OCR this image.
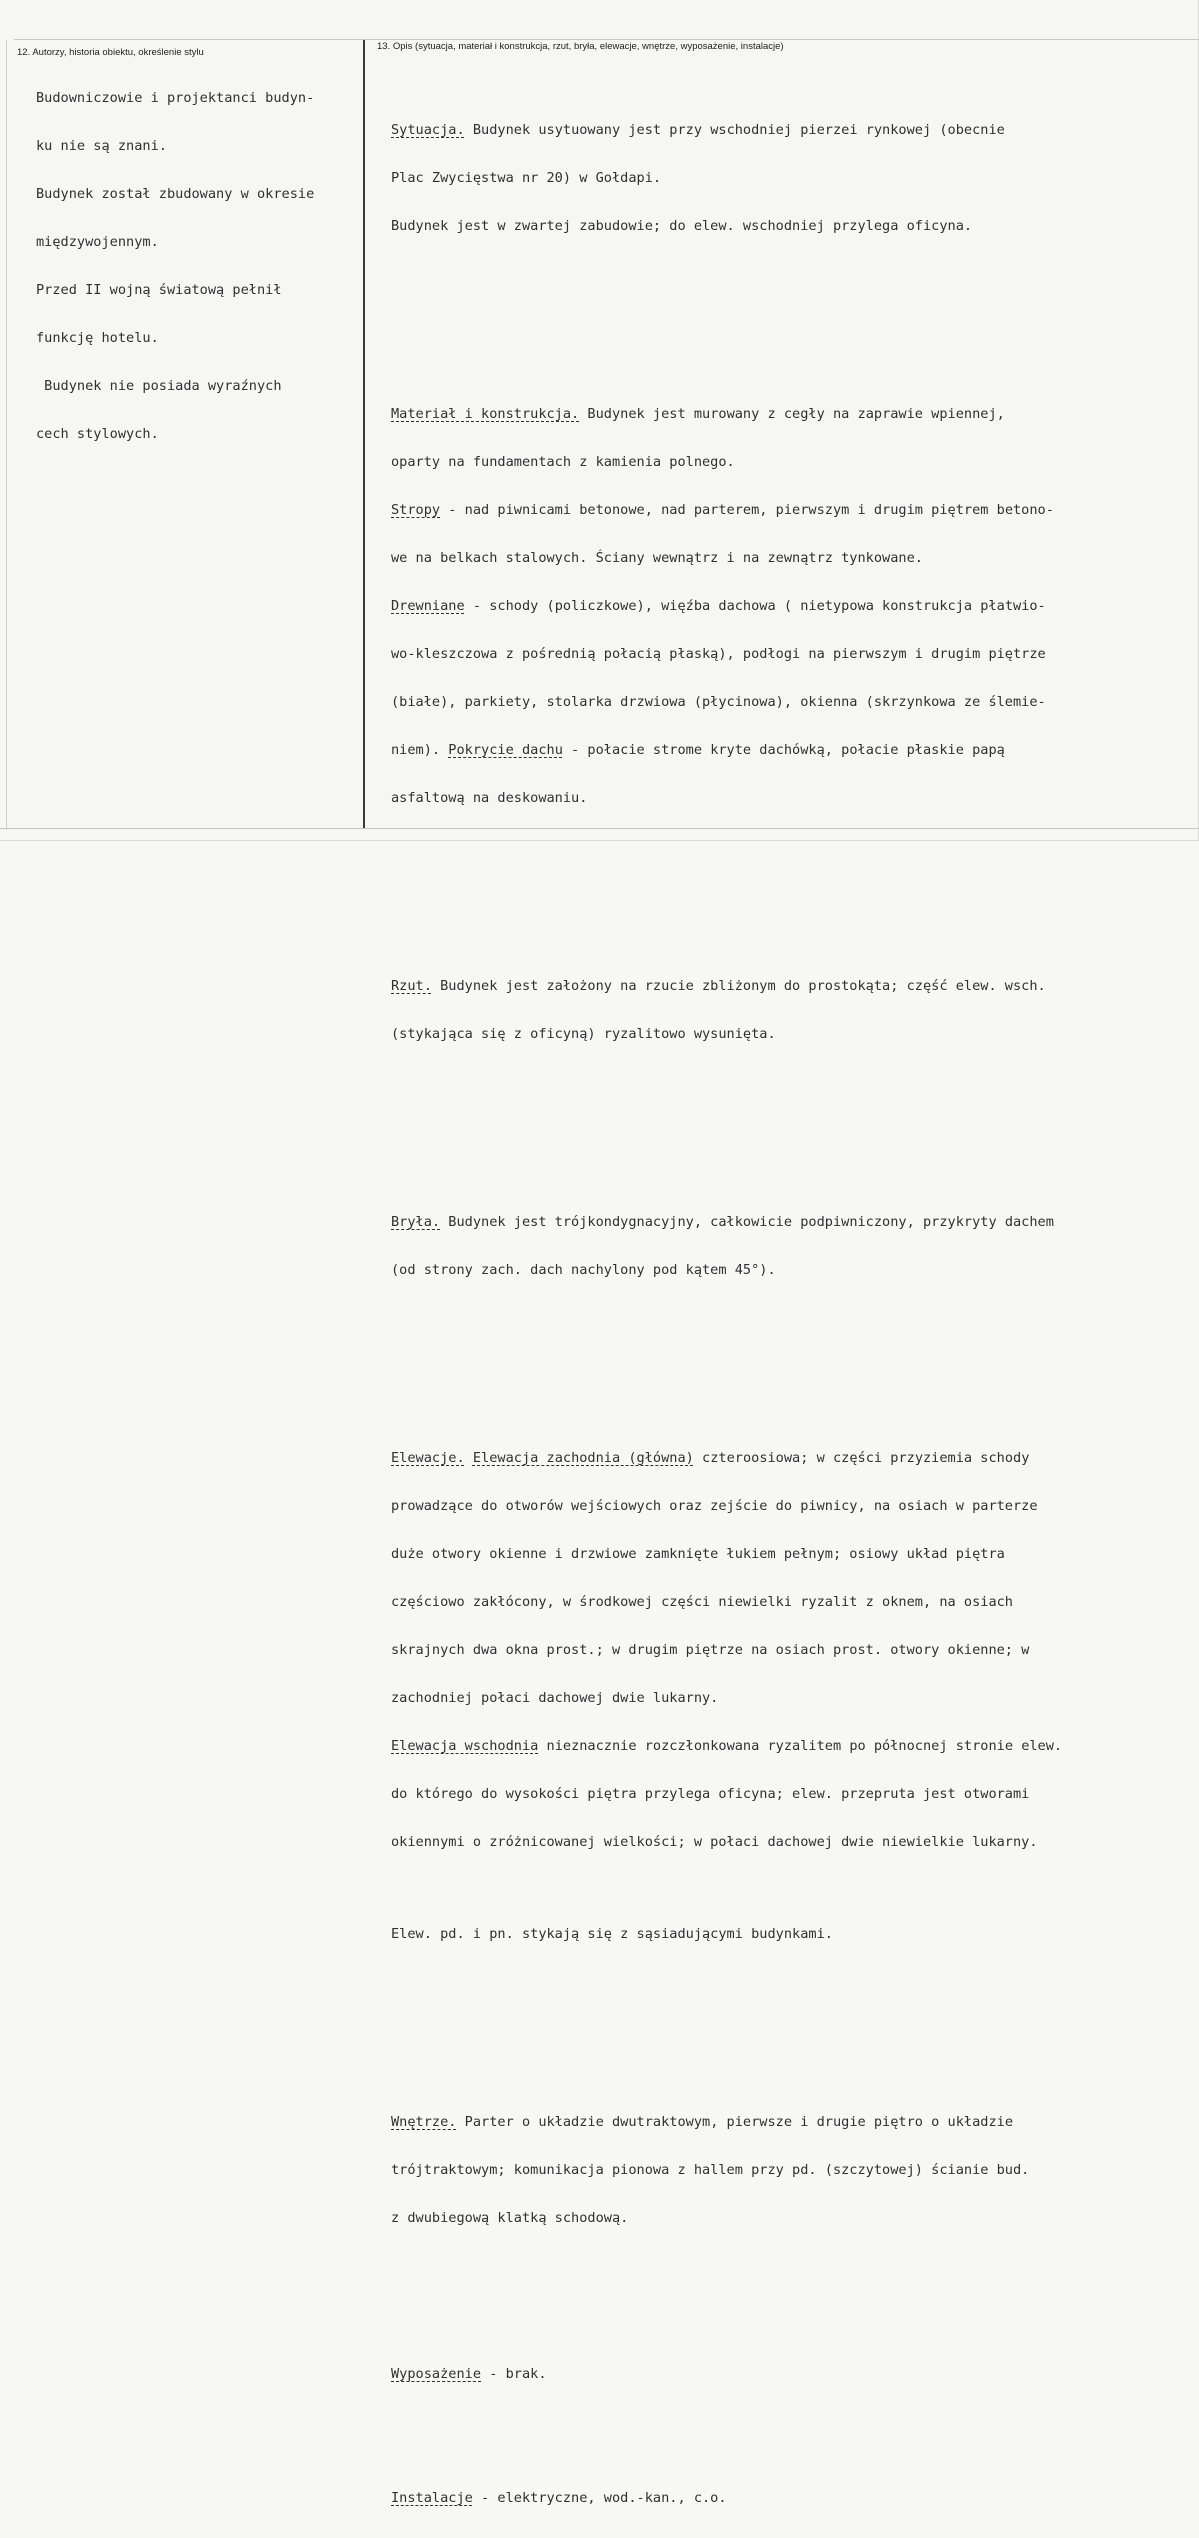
12. Autorzy, historia obiektu, określenie stylu
13. Opis (sytuacja, materiał i konstrukcja, rzut, bryła, elewacje, wnętrze, wyposażenie, instalacje)

Budowniczowie i projektanci budyn-

ku nie są znani.

Budynek został zbudowany w okresie

międzywojennym.

Przed II wojną światową pełnił

funkcję hotelu.

Budynek nie posiada wyraźnych

cech stylowych.

Sytuacja. Budynek usytuowany jest przy wschodniej pierzei rynkowej (obecnie

Plac Zwycięstwa nr 20) w Gołdapi.

Budynek jest w zwartej zabudowie; do elew. wschodniej przylega oficyna.

Materiał i konstrukcja. Budynek jest murowany z cegły na zaprawie wpiennej,

oparty na fundamentach z kamienia polnego.

Stropy - nad piwnicami betonowe, nad parterem, pierwszym i drugim piętrem betono-

we na belkach stalowych. Ściany wewnątrz i na zewnątrz tynkowane.

Drewniane - schody (policzkowe), więźba dachowa ( nietypowa konstrukcja płatwio-

wo-kleszczowa z pośrednią połacią płaską), podłogi na pierwszym i drugim piętrze

(białe), parkiety, stolarka drzwiowa (płycinowa), okienna (skrzynkowa ze ślemie-

niem). Pokrycie dachu - połacie strome kryte dachówką, połacie płaskie papą

asfaltową na deskowaniu.

Rzut. Budynek jest założony na rzucie zbliżonym do prostokąta; część elew. wsch.

(stykająca się z oficyną) ryzalitowo wysunięta.

Bryła. Budynek jest trójkondygnacyjny, całkowicie podpiwniczony, przykryty dachem

(od strony zach. dach nachylony pod kątem 45°).

Elewacje. Elewacja zachodnia (główna) czteroosiowa; w części przyziemia schody

prowadzące do otworów wejściowych oraz zejście do piwnicy, na osiach w parterze

duże otwory okienne i drzwiowe zamknięte łukiem pełnym; osiowy układ piętra

częściowo zakłócony, w środkowej części niewielki ryzalit z oknem, na osiach

skrajnych dwa okna prost.; w drugim piętrze na osiach prost. otwory okienne; w

zachodniej połaci dachowej dwie lukarny.

Elewacja wschodnia nieznacznie rozczłonkowana ryzalitem po północnej stronie elew.

do którego do wysokości piętra przylega oficyna; elew. przepruta jest otworami

okiennymi o zróżnicowanej wielkości; w połaci dachowej dwie niewielkie lukarny.

Elew. pd. i pn. stykają się z sąsiadującymi budynkami.

Wnętrze. Parter o układzie dwutraktowym, pierwsze i drugie piętro o układzie

trójtraktowym; komunikacja pionowa z hallem przy pd. (szczytowej) ścianie bud.

z dwubiegową klatką schodową.

Wyposażenie - brak.

Instalacje - elektryczne, wod.-kan., c.o.
